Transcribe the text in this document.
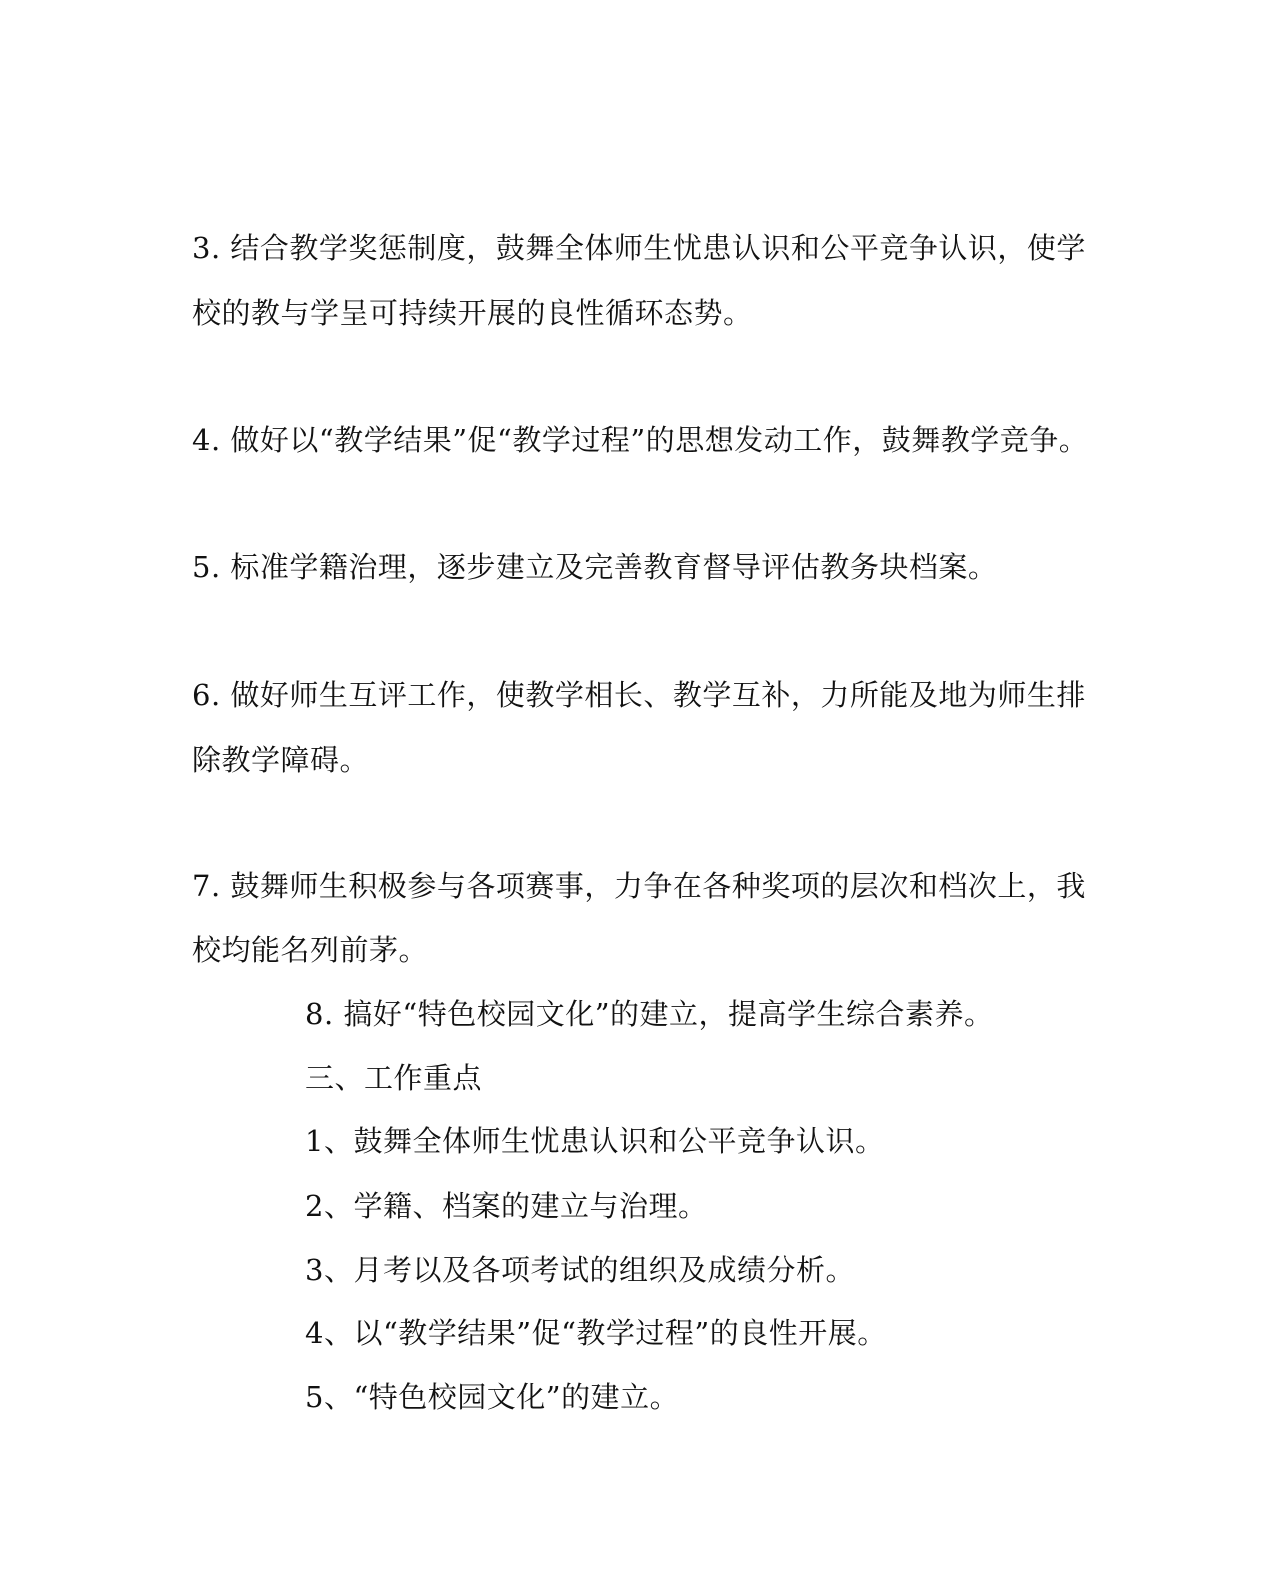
3. 结合教学奖惩制度，鼓舞全体师生忧患认识和公平竞争认识，使学
校的教与学呈可持续开展的良性循环态势。
4. 做好以“教学结果”促“教学过程”的思想发动工作，鼓舞教学竞争。
5. 标准学籍治理，逐步建立及完善教育督导评估教务块档案。
6. 做好师生互评工作，使教学相长、教学互补，力所能及地为师生排
除教学障碍。
7. 鼓舞师生积极参与各项赛事，力争在各种奖项的层次和档次上，我
校均能名列前茅。
8. 搞好“特色校园文化”的建立，提高学生综合素养。
三、工作重点
1、鼓舞全体师生忧患认识和公平竞争认识。
2、学籍、档案的建立与治理。
3、月考以及各项考试的组织及成绩分析。
4、以“教学结果”促“教学过程”的良性开展。
5、“特色校园文化”的建立。
